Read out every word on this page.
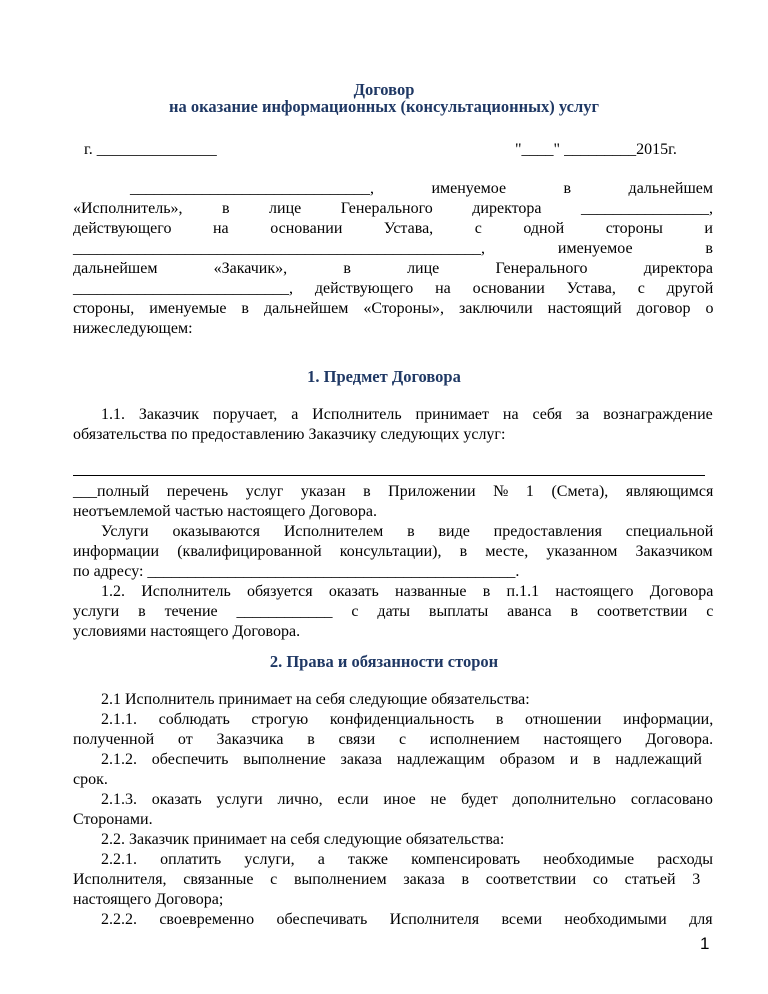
Договор
на оказание информационных (консультационных) услуг
г. _______________	"____" _________2015г.
______________________________,	именуемое	в	дальнейшем
«Исполнитель», в лице Генерального директора ________________,
действующего	на	основании	Устава,	с	одной	стороны	и
___________________________________________________,	именуемое	в
дальнейшем	«Закачик»,	в	лице	Генерального	директора
___________________________, действующего на основании Устава, с другой
стороны, именуемые в дальнейшем «Стороны», заключили настоящий договор о
нижеследующем:
1. Предмет Договора
1.1. Заказчик поручает, а Исполнитель принимает на себя за вознаграждение
обязательства по предоставлению Заказчику следующих услуг:
___полный перечень услуг указан в Приложении № 1 (Смета), являющимся
неотъемлемой частью настоящего Договора.
Услуги оказываются Исполнителем в виде предоставления специальной
информации (квалифицированной консультации), в месте, указанном Заказчиком
по адресу: ______________________________________________.
1.2. Исполнитель обязуется оказать названные в п.1.1 настоящего Договора
услуги в течение ____________ с даты выплаты аванса в соответствии с
условиями настоящего Договора.
2. Права и обязанности сторон
2.1 Исполнитель принимает на себя следующие обязательства:
2.1.1. соблюдать строгую конфиденциальность в отношении информации,
полученной от Заказчика в связи с исполнением настоящего Договора.
2.1.2. обеспечить выполнение заказа надлежащим образом и в надлежащий
срок.
2.1.3. оказать услуги лично, если иное не будет дополнительно согласовано
Сторонами.
2.2. Заказчик принимает на себя следующие обязательства:
2.2.1. оплатить услуги, а также компенсировать необходимые расходы
Исполнителя, связанные с выполнением заказа в соответствии со статьей 3
настоящего Договора;
2.2.2. своевременно обеспечивать Исполнителя всеми необходимыми для
1
